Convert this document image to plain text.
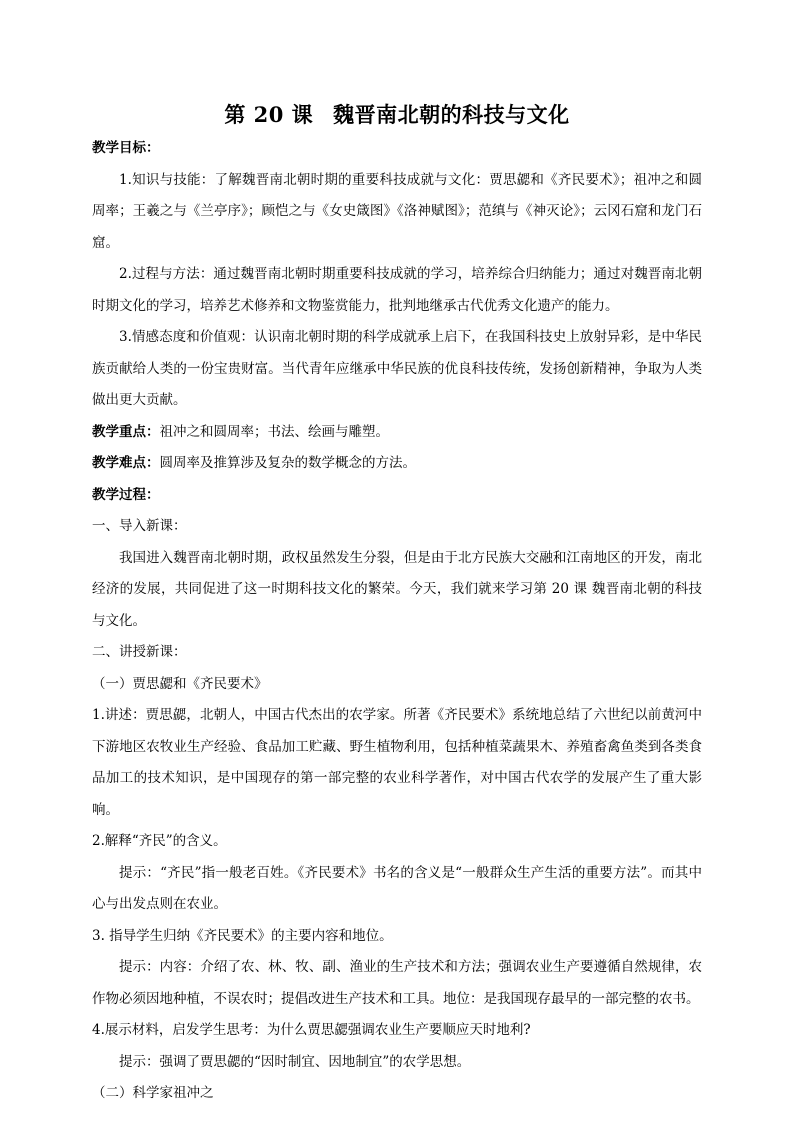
第 20 课 魏晋南北朝的科技与文化

教学目标：

1.知识与技能：了解魏晋南北朝时期的重要科技成就与文化：贾思勰和《齐民要术》；祖冲之和圆周率；王羲之与《兰亭序》；顾恺之与《女史箴图》《洛神赋图》；范缜与《神灭论》；云冈石窟和龙门石窟。

2.过程与方法：通过魏晋南北朝时期重要科技成就的学习，培养综合归纳能力；通过对魏晋南北朝时期文化的学习，培养艺术修养和文物鉴赏能力，批判地继承古代优秀文化遗产的能力。

3.情感态度和价值观：认识南北朝时期的科学成就承上启下，在我国科技史上放射异彩，是中华民族贡献给人类的一份宝贵财富。当代青年应继承中华民族的优良科技传统，发扬创新精神，争取为人类做出更大贡献。

教学重点：祖冲之和圆周率；书法、绘画与雕塑。

教学难点：圆周率及推算涉及复杂的数学概念的方法。

教学过程：

一、导入新课：

我国进入魏晋南北朝时期，政权虽然发生分裂，但是由于北方民族大交融和江南地区的开发，南北经济的发展，共同促进了这一时期科技文化的繁荣。今天，我们就来学习第 20 课 魏晋南北朝的科技与文化。

二、讲授新课：

（一）贾思勰和《齐民要术》

1.讲述：贾思勰，北朝人，中国古代杰出的农学家。所著《齐民要术》系统地总结了六世纪以前黄河中下游地区农牧业生产经验、食品加工贮藏、野生植物利用，包括种植菜蔬果木、养殖畜禽鱼类到各类食品加工的技术知识，是中国现存的第一部完整的农业科学著作，对中国古代农学的发展产生了重大影响。

2.解释“齐民”的含义。

提示：“齐民”指一般老百姓。《齐民要术》书名的含义是“一般群众生产生活的重要方法”。而其中心与出发点则在农业。

3. 指导学生归纳《齐民要术》的主要内容和地位。

提示：内容：介绍了农、林、牧、副、渔业的生产技术和方法；强调农业生产要遵循自然规律，农作物必须因地种植，不误农时；提倡改进生产技术和工具。地位：是我国现存最早的一部完整的农书。

4.展示材料，启发学生思考：为什么贾思勰强调农业生产要顺应天时地利?

提示：强调了贾思勰的“因时制宜、因地制宜”的农学思想。

（二）科学家祖冲之
